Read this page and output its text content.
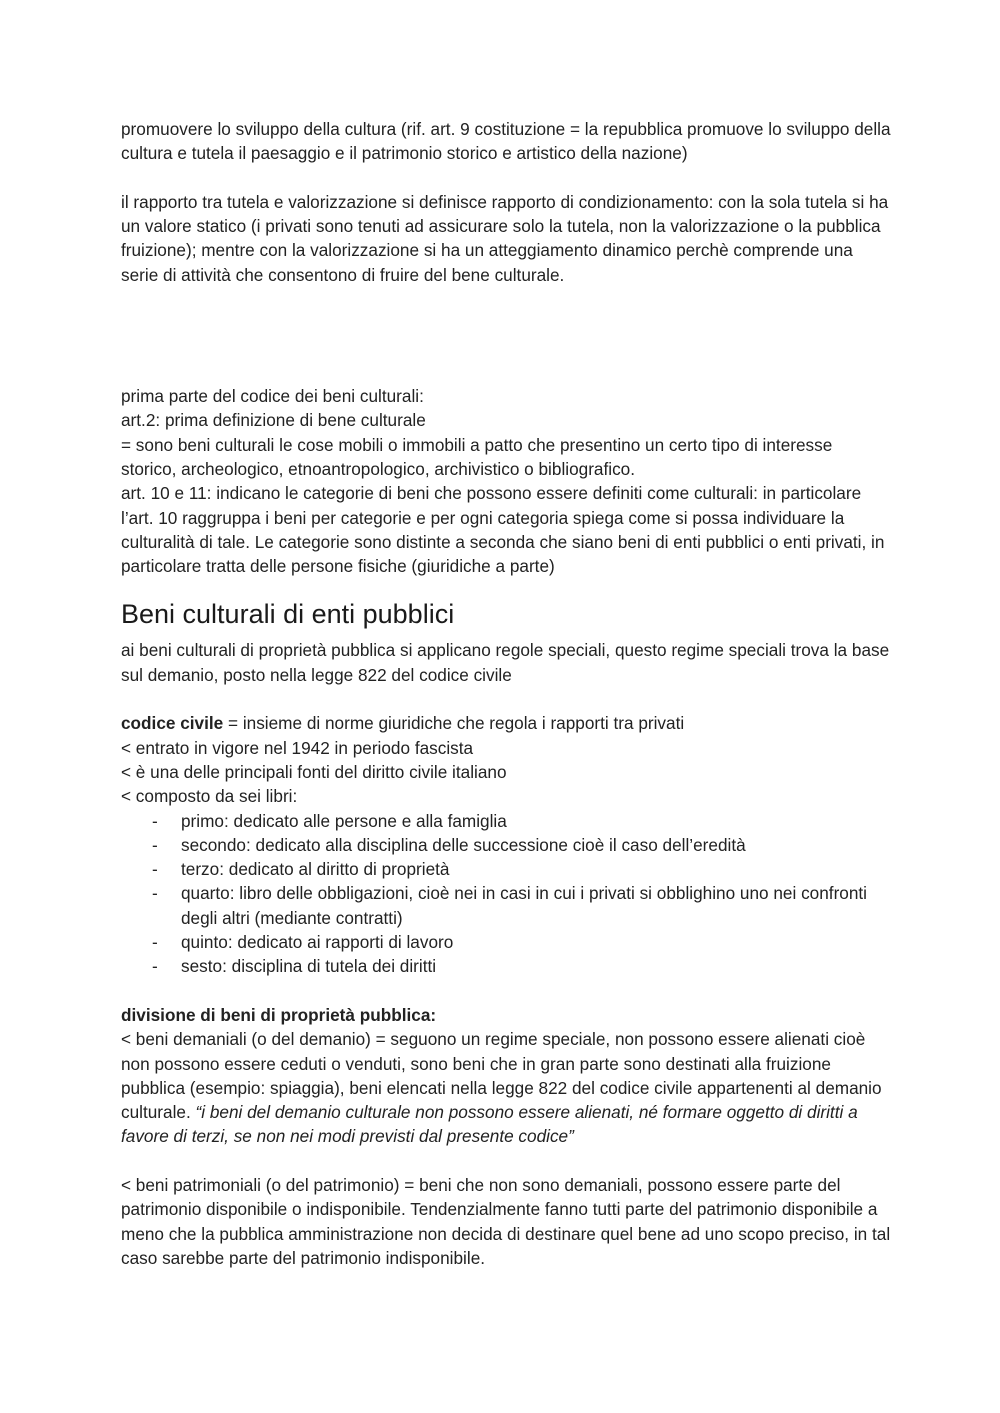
promuovere lo sviluppo della cultura (rif. art. 9 costituzione = la repubblica promuove lo sviluppo della cultura e tutela il paesaggio e il patrimonio storico e artistico della nazione)

il rapporto tra tutela e valorizzazione si definisce rapporto di condizionamento: con la sola tutela si ha un valore statico (i privati sono tenuti ad assicurare solo la tutela, non la valorizzazione o la pubblica fruizione); mentre con la valorizzazione si ha un atteggiamento dinamico perchè comprende una serie di attività che consentono di fruire del bene culturale.

prima parte del codice dei beni culturali:

art.2: prima definizione di bene culturale

= sono beni culturali le cose mobili o immobili a patto che presentino un certo tipo di interesse storico, archeologico, etnoantropologico, archivistico o bibliografico.

art. 10 e 11: indicano le categorie di beni che possono essere definiti come culturali: in particolare l’art. 10 raggruppa i beni per categorie e per ogni categoria spiega come si possa individuare la culturalità di tale. Le categorie sono distinte a seconda che siano beni di enti pubblici o enti privati, in particolare tratta delle persone fisiche (giuridiche a parte)

Beni culturali di enti pubblici

ai beni culturali di proprietà pubblica si applicano regole speciali, questo regime speciali trova la base sul demanio, posto nella legge 822 del codice civile

codice civile = insieme di norme giuridiche che regola i rapporti tra privati

< entrato in vigore nel 1942 in periodo fascista

< è una delle principali fonti del diritto civile italiano

< composto da sei libri:

- primo: dedicato alle persone e alla famiglia
- secondo: dedicato alla disciplina delle successione cioè il caso dell’eredità
- terzo: dedicato al diritto di proprietà
- quarto: libro delle obbligazioni, cioè nei in casi in cui i privati si obblighino uno nei confronti degli altri (mediante contratti)
- quinto: dedicato ai rapporti di lavoro
- sesto: disciplina di tutela dei diritti

divisione di beni di proprietà pubblica:

< beni demaniali (o del demanio) = seguono un regime speciale, non possono essere alienati cioè non possono essere ceduti o venduti, sono beni che in gran parte sono destinati alla fruizione pubblica (esempio: spiaggia), beni elencati nella legge 822 del codice civile appartenenti al demanio culturale. “i beni del demanio culturale non possono essere alienati, né formare oggetto di diritti a favore di terzi, se non nei modi previsti dal presente codice”

< beni patrimoniali (o del patrimonio) = beni che non sono demaniali, possono essere parte del patrimonio disponibile o indisponibile. Tendenzialmente fanno tutti parte del patrimonio disponibile a meno che la pubblica amministrazione non decida di destinare quel bene ad uno scopo preciso, in tal caso sarebbe parte del patrimonio indisponibile.
